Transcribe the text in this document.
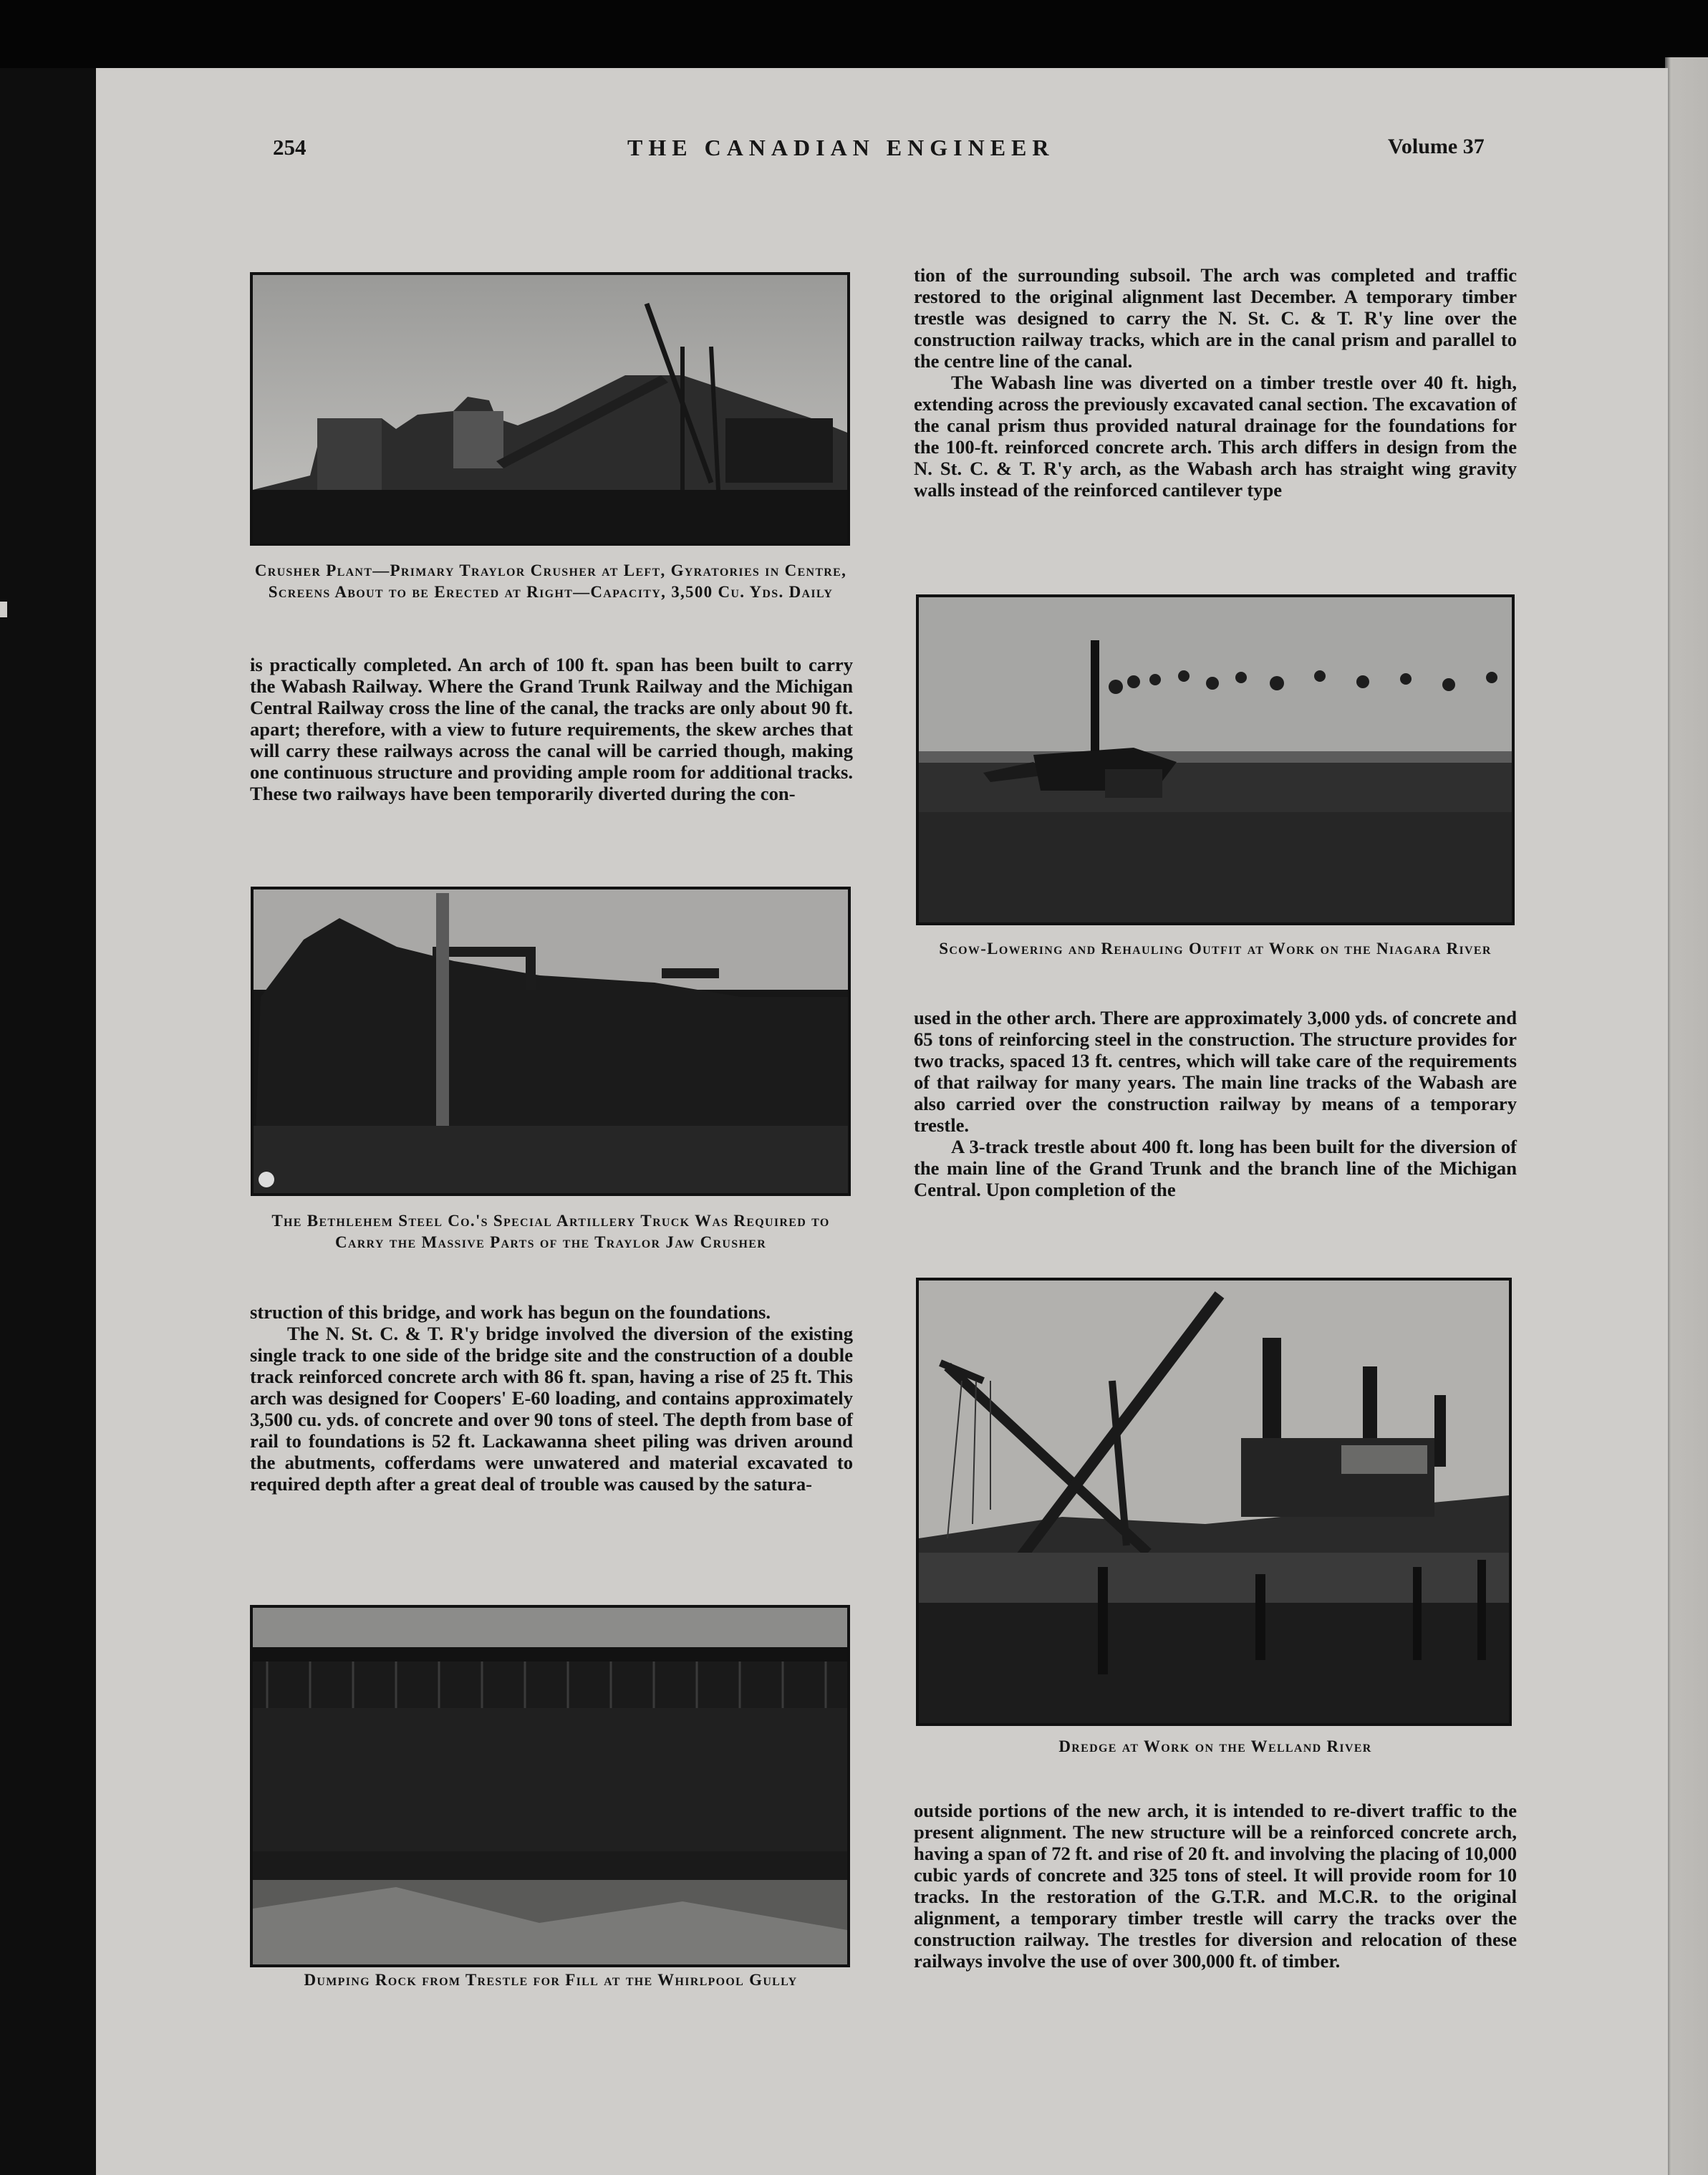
254	THE CANADIAN ENGINEER	Volume 37
Crusher Plant—Primary Traylor Crusher at Left, Gyratories in Centre, Screens About to be Erected at Right—Capacity, 3,500 Cu. Yds. Daily

is practically completed. An arch of 100 ft. span has been built to carry the Wabash Railway. Where the Grand Trunk Railway and the Michigan Central Railway cross the line of the canal, the tracks are only about 90 ft. apart; therefore, with a view to future requirements, the skew arches that will carry these railways across the canal will be carried though, making one continuous structure and providing ample room for additional tracks. These two railways have been temporarily diverted during the con-

The Bethlehem Steel Co.'s Special Artillery Truck Was Required to Carry the Massive Parts of the Traylor Jaw Crusher

struction of this bridge, and work has begun on the foundations.

The N. St. C. & T. R'y bridge involved the diversion of the existing single track to one side of the bridge site and the construction of a double track reinforced concrete arch with 86 ft. span, having a rise of 25 ft. This arch was designed for Coopers' E-60 loading, and contains approximately 3,500 cu. yds. of concrete and over 90 tons of steel. The depth from base of rail to foundations is 52 ft. Lackawanna sheet piling was driven around the abutments, cofferdams were unwatered and material excavated to required depth after a great deal of trouble was caused by the satura-

Dumping Rock from Trestle for Fill at the Whirlpool Gully

tion of the surrounding subsoil. The arch was completed and traffic restored to the original alignment last December. A temporary timber trestle was designed to carry the N. St. C. & T. R'y line over the construction railway tracks, which are in the canal prism and parallel to the centre line of the canal.

The Wabash line was diverted on a timber trestle over 40 ft. high, extending across the previously excavated canal section. The excavation of the canal prism thus provided natural drainage for the foundations for the 100-ft. reinforced concrete arch. This arch differs in design from the N. St. C. & T. R'y arch, as the Wabash arch has straight wing gravity walls instead of the reinforced cantilever type

Scow-Lowering and Rehauling Outfit at Work on the Niagara River

used in the other arch. There are approximately 3,000 yds. of concrete and 65 tons of reinforcing steel in the construction. The structure provides for two tracks, spaced 13 ft. centres, which will take care of the requirements of that railway for many years. The main line tracks of the Wabash are also carried over the construction railway by means of a temporary trestle.

A 3-track trestle about 400 ft. long has been built for the diversion of the main line of the Grand Trunk and the branch line of the Michigan Central. Upon completion of the

Dredge at Work on the Welland River

outside portions of the new arch, it is intended to re-divert traffic to the present alignment. The new structure will be a reinforced concrete arch, having a span of 72 ft. and rise of 20 ft. and involving the placing of 10,000 cubic yards of concrete and 325 tons of steel. It will provide room for 10 tracks. In the restoration of the G.T.R. and M.C.R. to the original alignment, a temporary timber trestle will carry the tracks over the construction railway. The trestles for diversion and relocation of these railways involve the use of over 300,000 ft. of timber.
